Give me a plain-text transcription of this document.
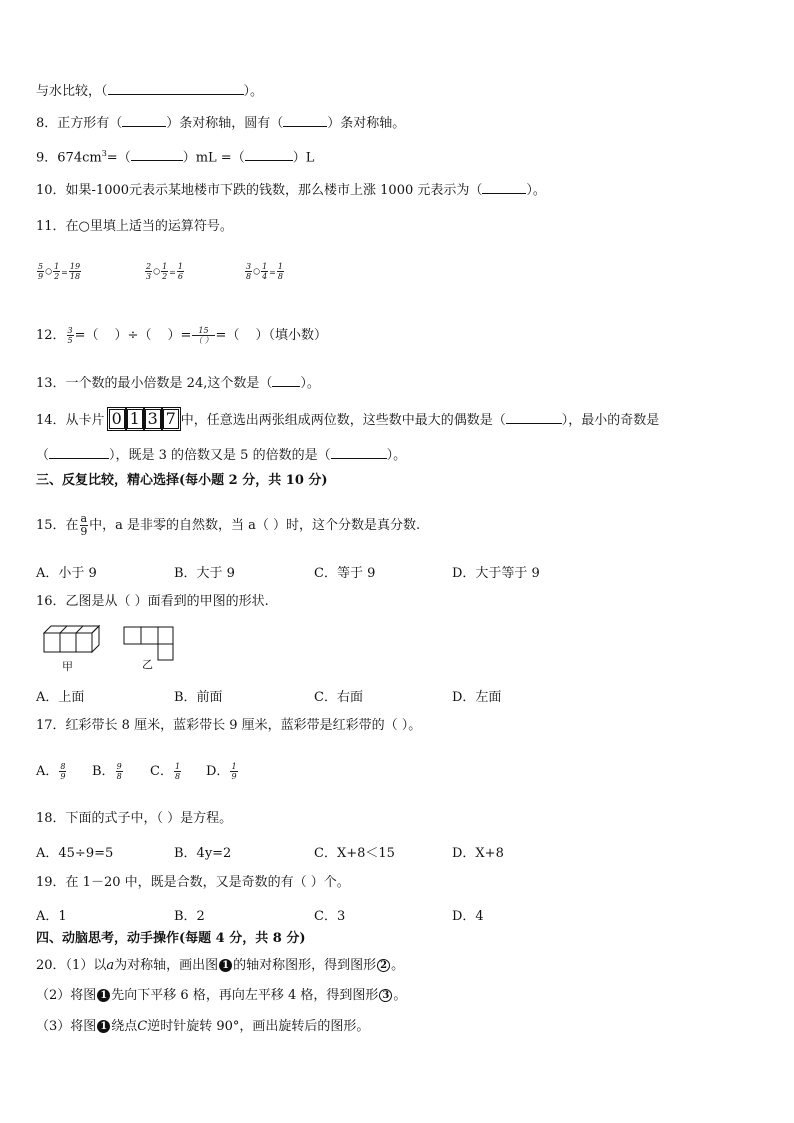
与水比较，（	）。
8．正方形有（	）条对称轴，圆有（	）条对称轴。
9．$674cm^3=$（	）mL =（	）L
10．如果-1000元表示某地楼市下跌的钱数，那么楼市上涨 1000 元表示为（	）。
11．在○里填上适当的运算符号。
$\frac{5}{9}$ ○ $\frac{1}{2} = \frac{19}{18}$	$\frac{2}{3}$ ○ $\frac{1}{2} = \frac{1}{6}$	$\frac{3}{8}$ ○ $\frac{1}{4} = \frac{1}{8}$
12． $\frac{3}{5}$ =（ ）÷（ ）= $\frac{15}{( )}$ =（ ）（填小数）
13．一个数的最小倍数是 24,这个数是（ ）。
14．从卡片 0 1 3 7 中，任意选出两张组成两位数，这些数中最大的偶数是（	），最小的奇数是
（	），既是 3 的倍数又是 5 的倍数的是（	）。
三、反复比较，精心选择(每小题 2 分，共 10 分)
15．在 $\frac{a}{9}$ 中，a 是非零的自然数，当 a（ ）时，这个分数是真分数.
A．小于 9	B．大于 9	C．等于 9	D．大于等于 9
16．乙图是从（ ）面看到的甲图的形状.
甲	乙
A．上面	B．前面	C．右面	D．左面
17．红彩带长 8 厘米，蓝彩带长 9 厘米，蓝彩带是红彩带的（ ）。
A． $\frac{8}{9}$ B． $\frac{9}{8}$ C． $\frac{1}{8}$ D． $\frac{1}{9}$
18．下面的式子中，（ ）是方程。
A．45÷9=5	B．4y=2	C．X+8＜15	D．X+8
19．在 1－20 中，既是合数，又是奇数的有（ ）个。
A．1	B．2	C．3	D．4
四、动脑思考，动手操作(每题 4 分，共 8 分)
20．（1）以a为对称轴，画出图 1 的轴对称图形，得到图形 2 。
（2）将图 1 先向下平移 6 格，再向左平移 4 格，得到图形 3 。
（3）将图 1 绕点C逆时针旋转 90°，画出旋转后的图形。
